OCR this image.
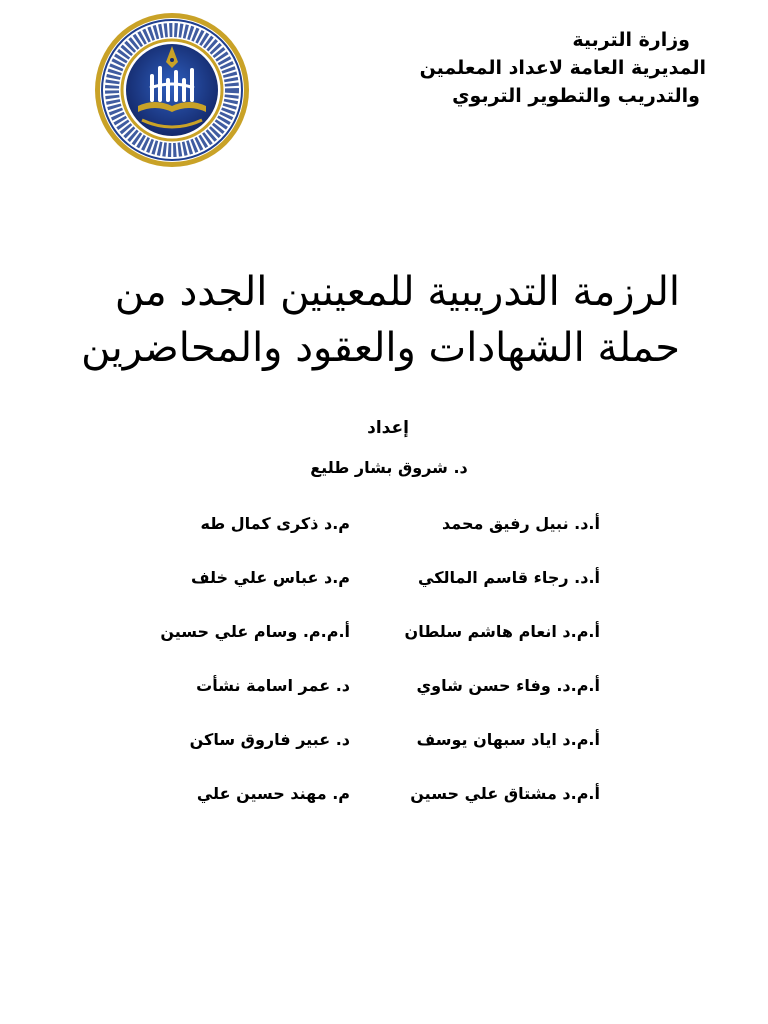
وزارة التربية
المديرية العامة لاعداد المعلمين
والتدريب والتطوير التربوي
الرزمة التدريبية للمعينين الجدد من
حملة الشهادات والعقود والمحاضرين
إعداد
د. شروق بشار طليع
أ.د. نبيل رفيق محمد
م.د ذكرى كمال طه
أ.د. رجاء قاسم المالكي
م.د عباس علي خلف
أ.م.د انعام هاشم سلطان
أ.م.م. وسام علي حسين
أ.م.د. وفاء حسن شاوي
د. عمر اسامة نشأت
أ.م.د اياد سبهان يوسف
د. عبير فاروق ساكن
أ.م.د مشتاق علي حسين
م. مهند حسين علي
